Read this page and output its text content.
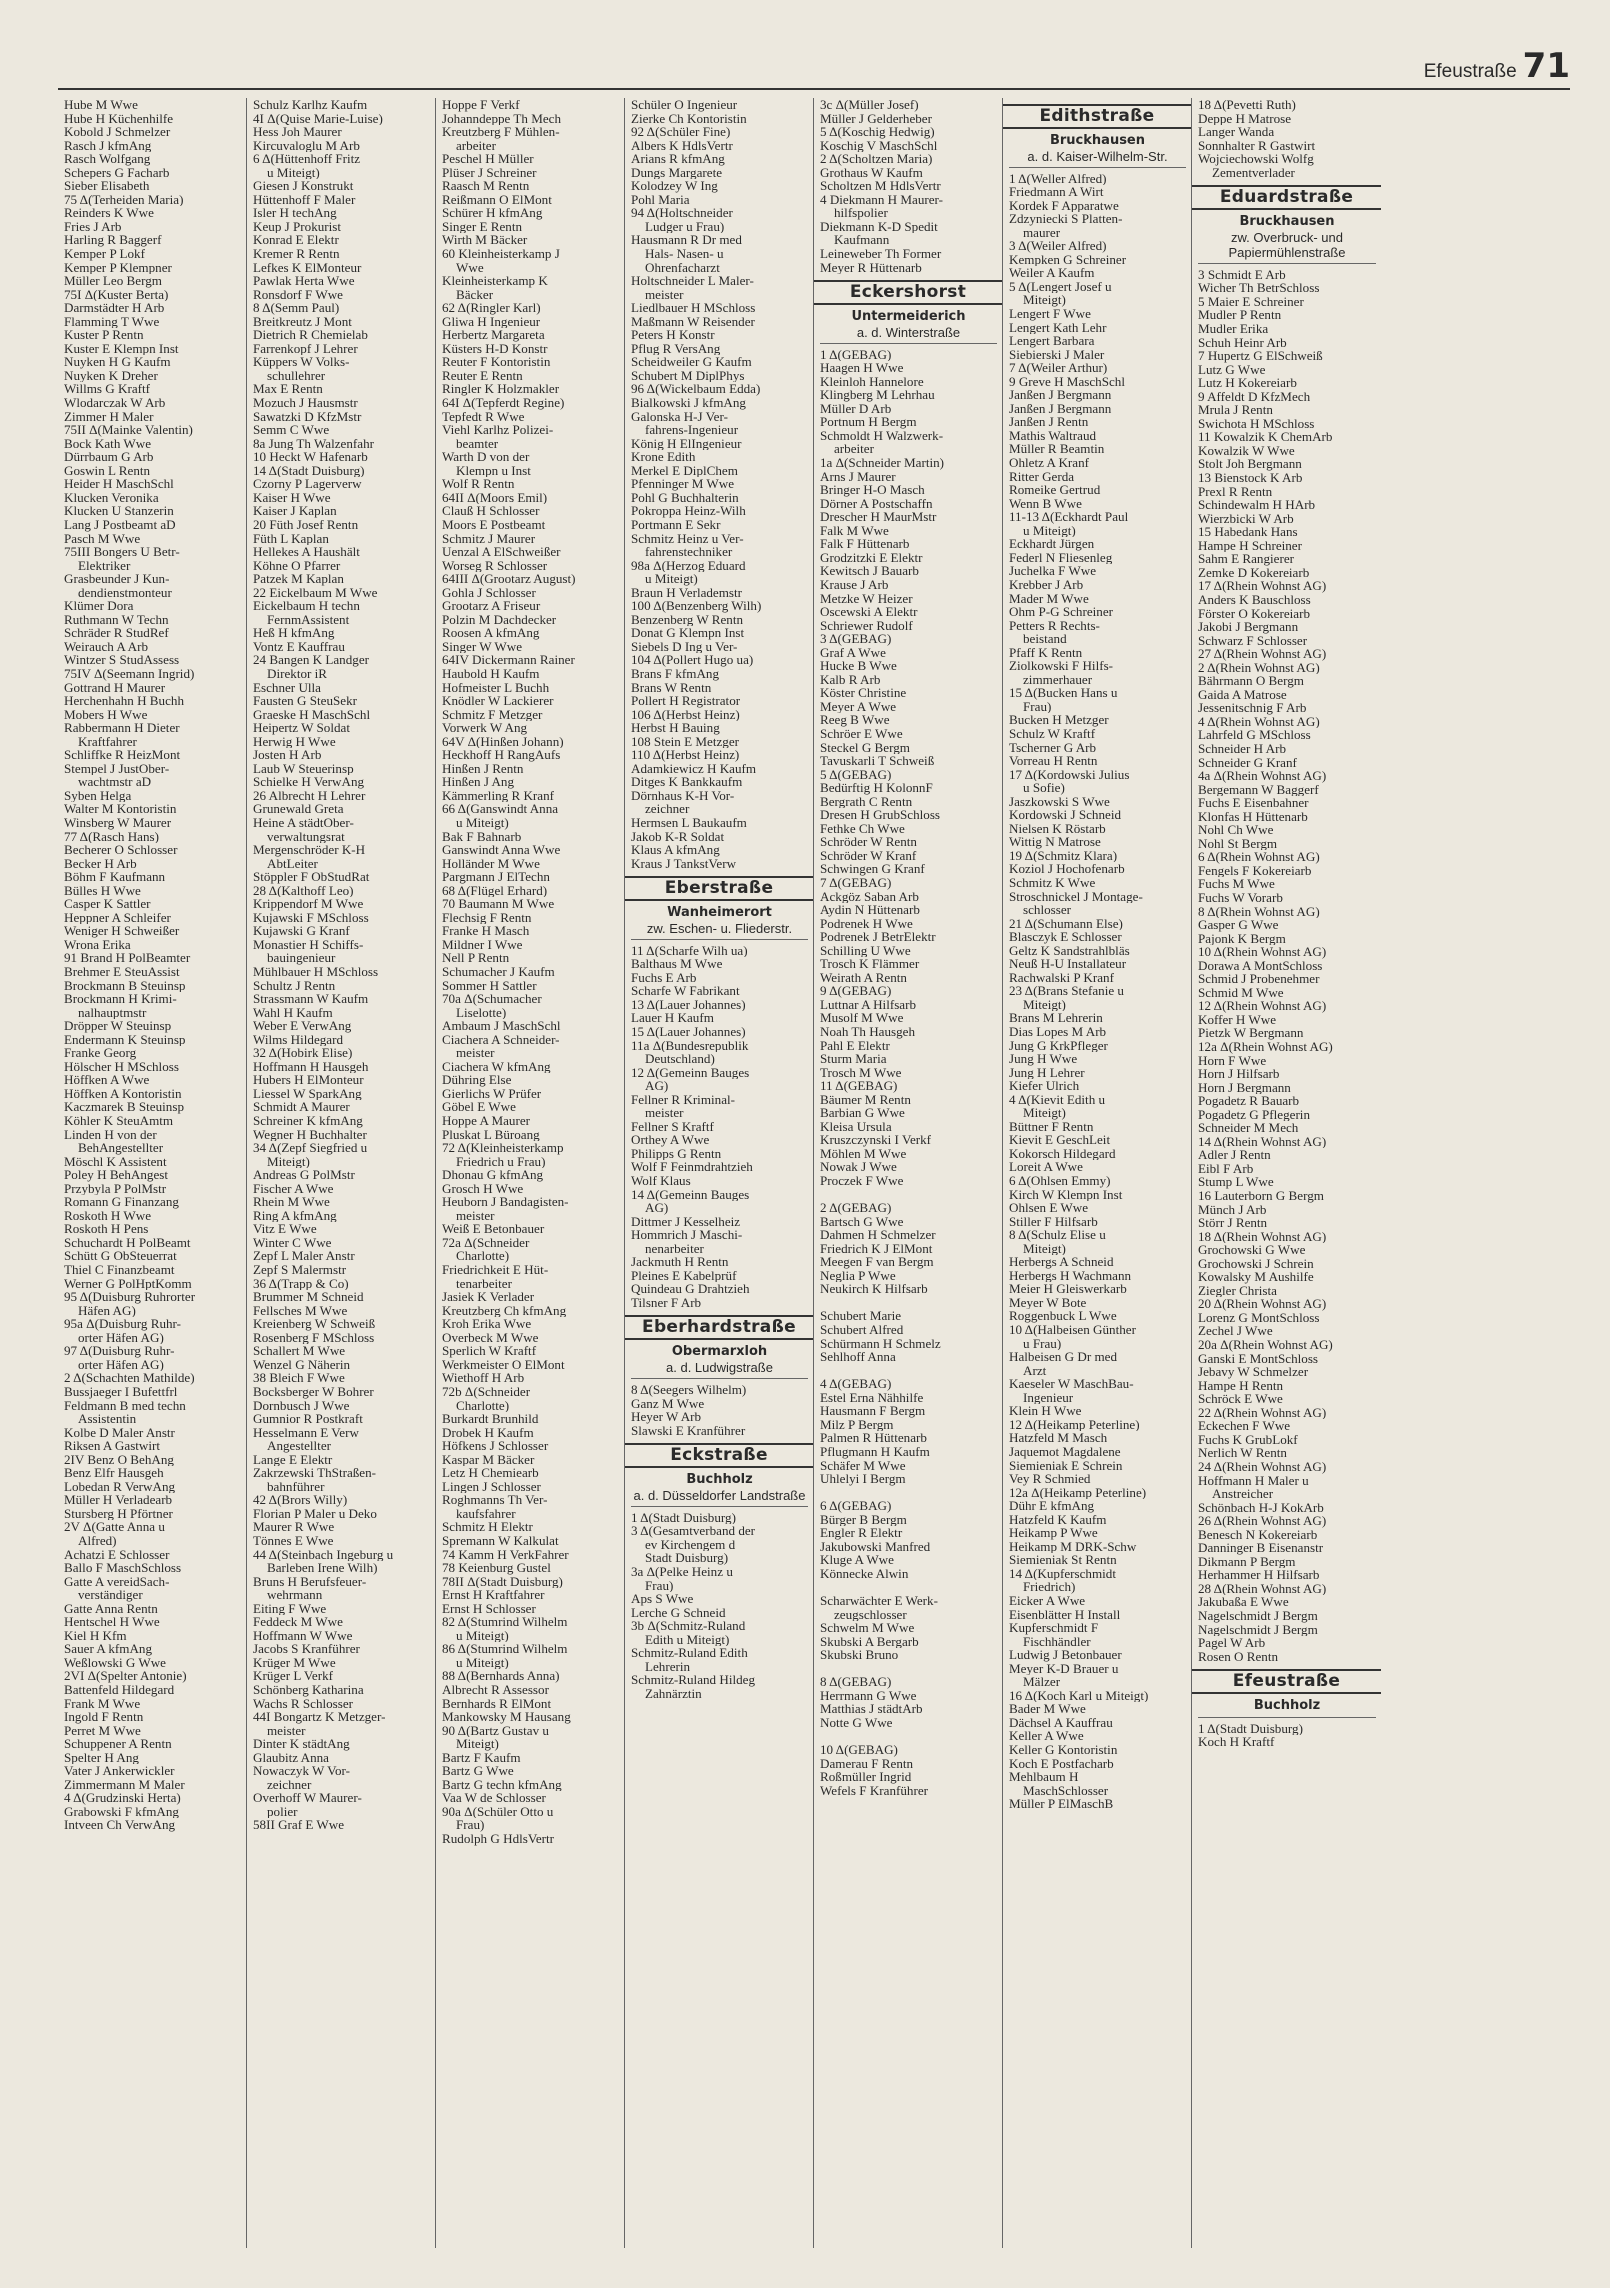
Efeustraße 71
Hube M Wwe
Hube H Küchenhilfe
Kobold J Schmelzer
Rasch J kfmAng
Rasch Wolfgang
Schepers G Facharb
Sieber Elisabeth
75 Δ(Terheiden Maria)
Reinders K Wwe
Fries J Arb
Harling R Baggerf
Kemper P Lokf
Kemper P Klempner
Müller Leo Bergm
75I Δ(Kuster Berta)
Darmstädter H Arb
Flamming T Wwe
Kuster P Rentn
Kuster E Klempn Inst
Nuyken H G Kaufm
Nuyken K Dreher
Willms G Kraftf
Wlodarczak W Arb
Zimmer H Maler
75II Δ(Mainke Valentin)
Bock Kath Wwe
Dürrbaum G Arb
Goswin L Rentn
Heider H MaschSchl
Klucken Veronika
Klucken U Stanzerin
Lang J Postbeamt aD
Pasch M Wwe
75III Bongers U Betr-
Elektriker
Grasbeunder J Kun-
dendienstmonteur
Klümer Dora
Ruthmann W Techn
Schräder R StudRef
Weirauch A Arb
Wintzer S StudAssess
75IV Δ(Seemann Ingrid)
Gottrand H Maurer
Herchenhahn H Buchh
Mobers H Wwe
Rabbermann H Dieter
Kraftfahrer
Schliffke R HeizMont
Stempel J JustOber-
wachtmstr aD
Syben Helga
Walter M Kontoristin
Winsberg W Maurer
77 Δ(Rasch Hans)
Becherer O Schlosser
Becker H Arb
Böhm F Kaufmann
Bülles H Wwe
Casper K Sattler
Heppner A Schleifer
Weniger H Schweißer
Wrona Erika
91 Brand H PolBeamter
Brehmer E SteuAssist
Brockmann B Steuinsp
Brockmann H Krimi-
nalhauptmstr
Dröpper W Steuinsp
Endermann K Steuinsp
Franke Georg
Hölscher H MSchloss
Höffken A Wwe
Höffken A Kontoristin
Kaczmarek B Steuinsp
Köhler K SteuAmtm
Linden H von der
BehAngestellter
Möschl K Assistent
Poley H BehAngest
Przybyla P PolMstr
Romann G Finanzang
Roskoth H Wwe
Roskoth H Pens
Schuchardt H PolBeamt
Schütt G ObSteuerrat
Thiel C Finanzbeamt
Werner G PolHptKomm
95 Δ(Duisburg Ruhrorter
Häfen AG)
95a Δ(Duisburg Ruhr-
orter Häfen AG)
97 Δ(Duisburg Ruhr-
orter Häfen AG)
2 Δ(Schachten Mathilde)
Bussjaeger I Bufettfrl
Feldmann B med techn
Assistentin
Kolbe D Maler Anstr
Riksen A Gastwirt
2IV Benz O BehAng
Benz Elfr Hausgeh
Lobedan R VerwAng
Müller H Verladearb
Stursberg H Pförtner
2V Δ(Gatte Anna u
Alfred)
Achatzi E Schlosser
Ballo F MaschSchloss
Gatte A vereidSach-
verständiger
Gatte Anna Rentn
Hentschel H Wwe
Kiel H Kfm
Sauer A kfmAng
Weßlowski G Wwe
2VI Δ(Spelter Antonie)
Battenfeld Hildegard
Frank M Wwe
Ingold F Rentn
Perret M Wwe
Schuppener A Rentn
Spelter H Ang
Vater J Ankerwickler
Zimmermann M Maler
4 Δ(Grudzinski Herta)
Grabowski F kfmAng
Intveen Ch VerwAng
Schulz Karlhz Kaufm
4I Δ(Quise Marie-Luise)
Hess Joh Maurer
Kircuvaloglu M Arb
6 Δ(Hüttenhoff Fritz
u Miteigt)
Giesen J Konstrukt
Hüttenhoff F Maler
Isler H techAng
Keup J Prokurist
Konrad E Elektr
Kremer R Rentn
Lefkes K ElMonteur
Pawlak Herta Wwe
Ronsdorf F Wwe
8 Δ(Semm Paul)
Breitkreutz J Mont
Dietrich R Chemielab
Farrenkopf J Lehrer
Küppers W Volks-
schullehrer
Max E Rentn
Mozuch J Hausmstr
Sawatzki D KfzMstr
Semm C Wwe
8a Jung Th Walzenfahr
10 Heckt W Hafenarb
14 Δ(Stadt Duisburg)
Czorny P Lagerverw
Kaiser H Wwe
Kaiser J Kaplan
20 Füth Josef Rentn
Füth L Kaplan
Hellekes A Haushält
Köhne O Pfarrer
Patzek M Kaplan
22 Eickelbaum M Wwe
Eickelbaum H techn
FernmAssistent
Heß H kfmAng
Vontz E Kauffrau
24 Bangen K Landger
Direktor iR
Eschner Ulla
Fausten G SteuSekr
Graeske H MaschSchl
Heipertz W Soldat
Herwig H Wwe
Josten H Arb
Laub W Steuerinsp
Schielke H VerwAng
26 Albrecht H Lehrer
Grunewald Greta
Heine A städtOber-
verwaltungsrat
Mergenschröder K-H
AbtLeiter
Stöppler F ObStudRat
28 Δ(Kalthoff Leo)
Krippendorf M Wwe
Kujawski F MSchloss
Kujawski G Kranf
Monastier H Schiffs-
bauingenieur
Mühlbauer H MSchloss
Schultz J Rentn
Strassmann W Kaufm
Wahl H Kaufm
Weber E VerwAng
Wilms Hildegard
32 Δ(Hobirk Elise)
Hoffmann H Hausgeh
Hubers H ElMonteur
Liessel W SparkAng
Schmidt A Maurer
Schreiner K kfmAng
Wegner H Buchhalter
34 Δ(Zepf Siegfried u
Miteigt)
Andreas G PolMstr
Fischer A Wwe
Rhein M Wwe
Ring A kfmAng
Vitz E Wwe
Winter C Wwe
Zepf L Maler Anstr
Zepf S Malermstr
36 Δ(Trapp & Co)
Brummer M Schneid
Fellsches M Wwe
Kreienberg W Schweiß
Rosenberg F MSchloss
Schallert M Wwe
Wenzel G Näherin
38 Bleich F Wwe
Bocksberger W Bohrer
Dornbusch J Wwe
Gumnior R Postkraft
Hesselmann E Verw
Angestellter
Lange E Elektr
Zakrzewski ThStraßen-
bahnführer
42 Δ(Brors Willy)
Florian P Maler u Deko
Maurer R Wwe
Tönnes E Wwe
44 Δ(Steinbach Ingeburg u
Barleben Irene Wilh)
Bruns H Berufsfeuer-
wehrmann
Eiting F Wwe
Feddeck M Wwe
Hoffmann W Wwe
Jacobs S Kranführer
Krüger M Wwe
Krüger L Verkf
Schönberg Katharina
Wachs R Schlosser
44I Bongartz K Metzger-
meister
Dinter K städtAng
Glaubitz Anna
Nowaczyk W Vor-
zeichner
Overhoff W Maurer-
polier
58II Graf E Wwe
Hoppe F Verkf
Johanndeppe Th Mech
Kreutzberg F Mühlen-
arbeiter
Peschel H Müller
Plüser J Schreiner
Raasch M Rentn
Reißmann O ElMont
Schürer H kfmAng
Singer E Rentn
Wirth M Bäcker
60 Kleinheisterkamp J
Wwe
Kleinheisterkamp K
Bäcker
62 Δ(Ringler Karl)
Gliwa H Ingenieur
Herbertz Margareta
Küsters H-D Konstr
Reuter F Kontoristin
Reuter E Rentn
Ringler K Holzmakler
64I Δ(Tepferdt Regine)
Tepfedt R Wwe
Viehl Karlhz Polizei-
beamter
Warth D von der
Klempn u Inst
Wolf R Rentn
64II Δ(Moors Emil)
Clauß H Schlosser
Moors E Postbeamt
Schmitz J Maurer
Uenzal A ElSchweißer
Worseg R Schlosser
64III Δ(Grootarz August)
Gohla J Schlosser
Grootarz A Friseur
Polzin M Dachdecker
Roosen A kfmAng
Singer W Wwe
64IV Dickermann Rainer
Haubold H Kaufm
Hofmeister L Buchh
Knödler W Lackierer
Schmitz F Metzger
Vorwerk W Ang
64V Δ(Hinßen Johann)
Heckhoff H RangAufs
Hinßen J Rentn
Hinßen J Ang
Kämmerling R Kranf
66 Δ(Ganswindt Anna
u Miteigt)
Bak F Bahnarb
Ganswindt Anna Wwe
Holländer M Wwe
Pargmann J ElTechn
68 Δ(Flügel Erhard)
70 Baumann M Wwe
Flechsig F Rentn
Franke H Masch
Mildner I Wwe
Nell P Rentn
Schumacher J Kaufm
Sommer H Sattler
70a Δ(Schumacher
Liselotte)
Ambaum J MaschSchl
Ciachera A Schneider-
meister
Ciachera W kfmAng
Dühring Else
Gierlichs W Prüfer
Göbel E Wwe
Hoppe A Maurer
Pluskat L Büroang
72 Δ(Kleinheisterkamp
Friedrich u Frau)
Dhonau G kfmAng
Grosch H Wwe
Heuborn J Bandagisten-
meister
Weiß E Betonbauer
72a Δ(Schneider
Charlotte)
Friedrichkeit E Hüt-
tenarbeiter
Jasiek K Verlader
Kreutzberg Ch kfmAng
Kroh Erika Wwe
Overbeck M Wwe
Sperlich W Kraftf
Werkmeister O ElMont
Wiethoff H Arb
72b Δ(Schneider
Charlotte)
Burkardt Brunhild
Drobek H Kaufm
Höfkens J Schlosser
Kaspar M Bäcker
Letz H Chemiearb
Lingen J Schlosser
Roghmanns Th Ver-
kaufsfahrer
Schmitz H Elektr
Spremann W Kalkulat
74 Kamm H VerkFahrer
78 Keienburg Gustel
78II Δ(Stadt Duisburg)
Ernst H Kraftfahrer
Ernst H Schlosser
82 Δ(Stumrind Wilhelm
u Miteigt)
86 Δ(Stumrind Wilhelm
u Miteigt)
88 Δ(Bernhards Anna)
Albrecht R Assessor
Bernhards R ElMont
Mankowsky M Hausang
90 Δ(Bartz Gustav u
Miteigt)
Bartz F Kaufm
Bartz G Wwe
Bartz G techn kfmAng
Vaa W de Schlosser
90a Δ(Schüler Otto u
Frau)
Rudolph G HdlsVertr
Schüler O Ingenieur
Zierke Ch Kontoristin
92 Δ(Schüler Fine)
Albers K HdlsVertr
Arians R kfmAng
Dungs Margarete
Kolodzey W Ing
Pohl Maria
94 Δ(Holtschneider
Ludger u Frau)
Hausmann R Dr med
Hals- Nasen- u
Ohrenfacharzt
Holtschneider L Maler-
meister
Liedlbauer H MSchloss
Maßmann W Reisender
Peters H Konstr
Pflug R VersAng
Scheidweiler G Kaufm
Schubert M DiplPhys
96 Δ(Wickelbaum Edda)
Bialkowski J kfmAng
Galonska H-J Ver-
fahrens-Ingenieur
König H ElIngenieur
Krone Edith
Merkel E DiplChem
Pfenninger M Wwe
Pohl G Buchhalterin
Pokroppa Heinz-Wilh
Portmann E Sekr
Schmitz Heinz u Ver-
fahrenstechniker
98a Δ(Herzog Eduard
u Miteigt)
Braun H Verlademstr
100 Δ(Benzenberg Wilh)
Benzenberg W Rentn
Donat G Klempn Inst
Siebels D Ing u Ver-
104 Δ(Pollert Hugo ua)
Brans F kfmAng
Brans W Rentn
Pollert H Registrator
106 Δ(Herbst Heinz)
Herbst H Bauing
108 Stein E Metzger
110 Δ(Herbst Heinz)
Adamkiewicz H Kaufm
Ditges K Bankkaufm
Dörnhaus K-H Vor-
zeichner
Hermsen L Baukaufm
Jakob K-R Soldat
Klaus A kfmAng
Kraus J TankstVerw
Eberstraße
Wanheimerort
zw. Eschen- u. Fliederstr.
11 Δ(Scharfe Wilh ua)
Balthaus M Wwe
Fuchs E Arb
Scharfe W Fabrikant
13 Δ(Lauer Johannes)
Lauer H Kaufm
15 Δ(Lauer Johannes)
11a Δ(Bundesrepublik
Deutschland)
12 Δ(Gemeinn Bauges
AG)
Fellner R Kriminal-
meister
Fellner S Kraftf
Orthey A Wwe
Philipps G Rentn
Wolf F Feinmdrahtzieh
Wolf Klaus
14 Δ(Gemeinn Bauges
AG)
Dittmer J Kesselheiz
Hommrich J Maschi-
nenarbeiter
Jackmuth H Rentn
Pleines E Kabelprüf
Quindeau G Drahtzieh
Tilsner F Arb
Eberhardstraße
Obermarxloh
a. d. Ludwigstraße
8 Δ(Seegers Wilhelm)
Ganz M Wwe
Heyer W Arb
Slawski E Kranführer
Eckstraße
Buchholz
a. d. Düsseldorfer Landstraße
1 Δ(Stadt Duisburg)
3 Δ(Gesamtverband der
ev Kirchengem d
Stadt Duisburg)
3a Δ(Pelke Heinz u
Frau)
Aps S Wwe
Lerche G Schneid
3b Δ(Schmitz-Ruland
Edith u Miteigt)
Schmitz-Ruland Edith
Lehrerin
Schmitz-Ruland Hildeg
Zahnärztin
3c Δ(Müller Josef)
Müller J Gelderheber
5 Δ(Koschig Hedwig)
Koschig V MaschSchl
2 Δ(Scholtzen Maria)
Grothaus W Kaufm
Scholtzen M HdlsVertr
4 Diekmann H Maurer-
hilfspolier
Diekmann K-D Spedit
Kaufmann
Leineweber Th Former
Meyer R Hüttenarb
Eckershorst
Untermeiderich
a. d. Winterstraße
1 Δ(GEBAG)
Haagen H Wwe
Kleinloh Hannelore
Klingberg M Lehrhau
Müller D Arb
Portnum H Bergm
Schmoldt H Walzwerk-
arbeiter
1a Δ(Schneider Martin)
Arns J Maurer
Bringer H-O Masch
Dörner A Postschaffn
Drescher H MaurMstr
Falk M Wwe
Falk F Hüttenarb
Grodzitzki E Elektr
Kewitsch J Bauarb
Krause J Arb
Metzke W Heizer
Oscewski A Elektr
Schriewer Rudolf
3 Δ(GEBAG)
Graf A Wwe
Hucke B Wwe
Kalb R Arb
Köster Christine
Meyer A Wwe
Reeg B Wwe
Schröer E Wwe
Steckel G Bergm
Tavuskarli T Schweiß
5 Δ(GEBAG)
Bedürftig H KolonnF
Bergrath C Rentn
Dresen H GrubSchloss
Fethke Ch Wwe
Schröder W Rentn
Schröder W Kranf
Schwingen G Kranf
7 Δ(GEBAG)
Ackgöz Saban Arb
Aydin N Hüttenarb
Podrenek H Wwe
Podrenek J BetrElektr
Schilling U Wwe
Trosch K Flämmer
Weirath A Rentn
9 Δ(GEBAG)
Luttnar A Hilfsarb
Musolf M Wwe
Noah Th Hausgeh
Pahl E Elektr
Sturm Maria
Trosch M Wwe
11 Δ(GEBAG)
Bäumer M Rentn
Barbian G Wwe
Kleisa Ursula
Kruszczynski I Verkf
Möhlen M Wwe
Nowak J Wwe
Proczek F Wwe

2 Δ(GEBAG)
Bartsch G Wwe
Dahmen H Schmelzer
Friedrich K J ElMont
Meegen F van Bergm
Neglia P Wwe
Neukirch K Hilfsarb

Schubert Marie
Schubert Alfred
Schürmann H Schmelz
Sehlhoff Anna

4 Δ(GEBAG)
Estel Erna Nähhilfe
Hausmann F Bergm
Milz P Bergm
Palmen R Hüttenarb
Pflugmann H Kaufm
Schäfer M Wwe
Uhlelyi I Bergm

6 Δ(GEBAG)
Bürger B Bergm
Engler R Elektr
Jakubowski Manfred
Kluge A Wwe
Könnecke Alwin

Scharwächter E Werk-
zeugschlosser
Schwelm M Wwe
Skubski A Bergarb
Skubski Bruno

8 Δ(GEBAG)
Herrmann G Wwe
Matthias J städtArb
Notte G Wwe

10 Δ(GEBAG)
Damerau F Rentn
Roßmüller Ingrid
Wefels F Kranführer
Edithstraße
Bruckhausen
a. d. Kaiser-Wilhelm-Str.
1 Δ(Weller Alfred)
Friedmann A Wirt
Kordek F Apparatwe
Zdzyniecki S Platten-
maurer
3 Δ(Weiler Alfred)
Kempken G Schreiner
Weiler A Kaufm
5 Δ(Lengert Josef u
Miteigt)
Lengert F Wwe
Lengert Kath Lehr
Lengert Barbara
Siebierski J Maler
7 Δ(Weiler Arthur)
9 Greve H MaschSchl
Janßen J Bergmann
Janßen J Bergmann
Janßen J Rentn
Mathis Waltraud
Müller R Beamtin
Ohletz A Kranf
Ritter Gerda
Romeike Gertrud
Wenn B Wwe
11-13 Δ(Eckhardt Paul
u Miteigt)
Eckhardt Jürgen
Federl N Fliesenleg
Juchelka F Wwe
Krebber J Arb
Mader M Wwe
Ohm P-G Schreiner
Petters R Rechts-
beistand
Pfaff K Rentn
Ziolkowski F Hilfs-
zimmerhauer
15 Δ(Bucken Hans u
Frau)
Bucken H Metzger
Schulz W Kraftf
Tscherner G Arb
Vorreau H Rentn
17 Δ(Kordowski Julius
u Sofie)
Jaszkowski S Wwe
Kordowski J Schneid
Nielsen K Röstarb
Wittig N Matrose
19 Δ(Schmitz Klara)
Koziol J Hochofenarb
Schmitz K Wwe
Stroschnickel J Montage-
schlosser
21 Δ(Schumann Else)
Blasczyk E Schlosser
Geltz K Sandstrahlbläs
Neuß H-U Installateur
Rachwalski P Kranf
23 Δ(Brans Stefanie u
Miteigt)
Brans M Lehrerin
Dias Lopes M Arb
Jung G KrkPfleger
Jung H Wwe
Jung H Lehrer
Kiefer Ulrich
4 Δ(Kievit Edith u
Miteigt)
Büttner F Rentn
Kievit E GeschLeit
Kokorsch Hildegard
Loreit A Wwe
6 Δ(Ohlsen Emmy)
Kirch W Klempn Inst
Ohlsen E Wwe
Stiller F Hilfsarb
8 Δ(Schulz Elise u
Miteigt)
Herbergs A Schneid
Herbergs H Wachmann
Meier H Gleiswerkarb
Meyer W Bote
Roggenbuck L Wwe
10 Δ(Halbeisen Günther
u Frau)
Halbeisen G Dr med
Arzt
Kaeseler W MaschBau-
Ingenieur
Klein H Wwe
12 Δ(Heikamp Peterline)
Hatzfeld M Masch
Jaquemot Magdalene
Siemieniak E Schrein
Vey R Schmied
12a Δ(Heikamp Peterline)
Dühr E kfmAng
Hatzfeld K Kaufm
Heikamp P Wwe
Heikamp M DRK-Schw
Siemieniak St Rentn
14 Δ(Kupferschmidt
Friedrich)
Eicker A Wwe
Eisenblätter H Install
Kupferschmidt F
Fischhändler
Ludwig J Betonbauer
Meyer K-D Brauer u
Mälzer
16 Δ(Koch Karl u Miteigt)
Bader M Wwe
Dächsel A Kauffrau
Keller A Wwe
Keller G Kontoristin
Koch E Postfacharb
Mehlbaum H
MaschSchlosser
Müller P ElMaschB
18 Δ(Pevetti Ruth)
Deppe H Matrose
Langer Wanda
Sonnhalter R Gastwirt
Wojciechowski Wolfg
Zementverlader
Eduardstraße
Bruckhausen
zw. Overbruck- und Papiermühlenstraße
3 Schmidt E Arb
Wicher Th BetrSchloss
5 Maier E Schreiner
Mudler P Rentn
Mudler Erika
Schuh Heinr Arb
7 Hupertz G ElSchweiß
Lutz G Wwe
Lutz H Kokereiarb
9 Affeldt D KfzMech
Mrula J Rentn
Swichota H MSchloss
11 Kowalzik K ChemArb
Kowalzik W Wwe
Stolt Joh Bergmann
13 Bienstock K Arb
Prexl R Rentn
Schindewalm H HArb
Wierzbicki W Arb
15 Habedank Hans
Hampe H Schreiner
Sahm E Rangierer
Zemke D Kokereiarb
17 Δ(Rhein Wohnst AG)
Anders K Bauschloss
Förster O Kokereiarb
Jakobi J Bergmann
Schwarz F Schlosser
27 Δ(Rhein Wohnst AG)
2 Δ(Rhein Wohnst AG)
Bährmann O Bergm
Gaida A Matrose
Jessenitschnig F Arb
4 Δ(Rhein Wohnst AG)
Lahrfeld G MSchloss
Schneider H Arb
Schneider G Kranf
4a Δ(Rhein Wohnst AG)
Bergemann W Baggerf
Fuchs E Eisenbahner
Klonfas H Hüttenarb
Nohl Ch Wwe
Nohl St Bergm
6 Δ(Rhein Wohnst AG)
Fengels F Kokereiarb
Fuchs M Wwe
Fuchs W Vorarb
8 Δ(Rhein Wohnst AG)
Gasper G Wwe
Pajonk K Bergm
10 Δ(Rhein Wohnst AG)
Dorawa A MontSchloss
Schmid J Probenehmer
Schmid M Wwe
12 Δ(Rhein Wohnst AG)
Koffer H Wwe
Pietzk W Bergmann
12a Δ(Rhein Wohnst AG)
Horn F Wwe
Horn J Hilfsarb
Horn J Bergmann
Pogadetz R Bauarb
Pogadetz G Pflegerin
Schneider M Mech
14 Δ(Rhein Wohnst AG)
Adler J Rentn
Eibl F Arb
Stump L Wwe
16 Lauterborn G Bergm
Münch J Arb
Störr J Rentn
18 Δ(Rhein Wohnst AG)
Grochowski G Wwe
Grochowski J Schrein
Kowalsky M Aushilfe
Ziegler Christa
20 Δ(Rhein Wohnst AG)
Lorenz G MontSchloss
Zechel J Wwe
20a Δ(Rhein Wohnst AG)
Ganski E MontSchloss
Jebavy W Schmelzer
Hampe H Rentn
Schröck E Wwe
22 Δ(Rhein Wohnst AG)
Eckechen F Wwe
Fuchs K GrubLokf
Nerlich W Rentn
24 Δ(Rhein Wohnst AG)
Hoffmann H Maler u
Anstreicher
Schönbach H-J KokArb
26 Δ(Rhein Wohnst AG)
Benesch N Kokereiarb
Danninger B Eisenanstr
Dikmann P Bergm
Herhammer H Hilfsarb
28 Δ(Rhein Wohnst AG)
Jakubaßa E Wwe
Nagelschmidt J Bergm
Nagelschmidt J Bergm
Pagel W Arb
Rosen O Rentn
Efeustraße
Buchholz
1 Δ(Stadt Duisburg)
Koch H Kraftf
